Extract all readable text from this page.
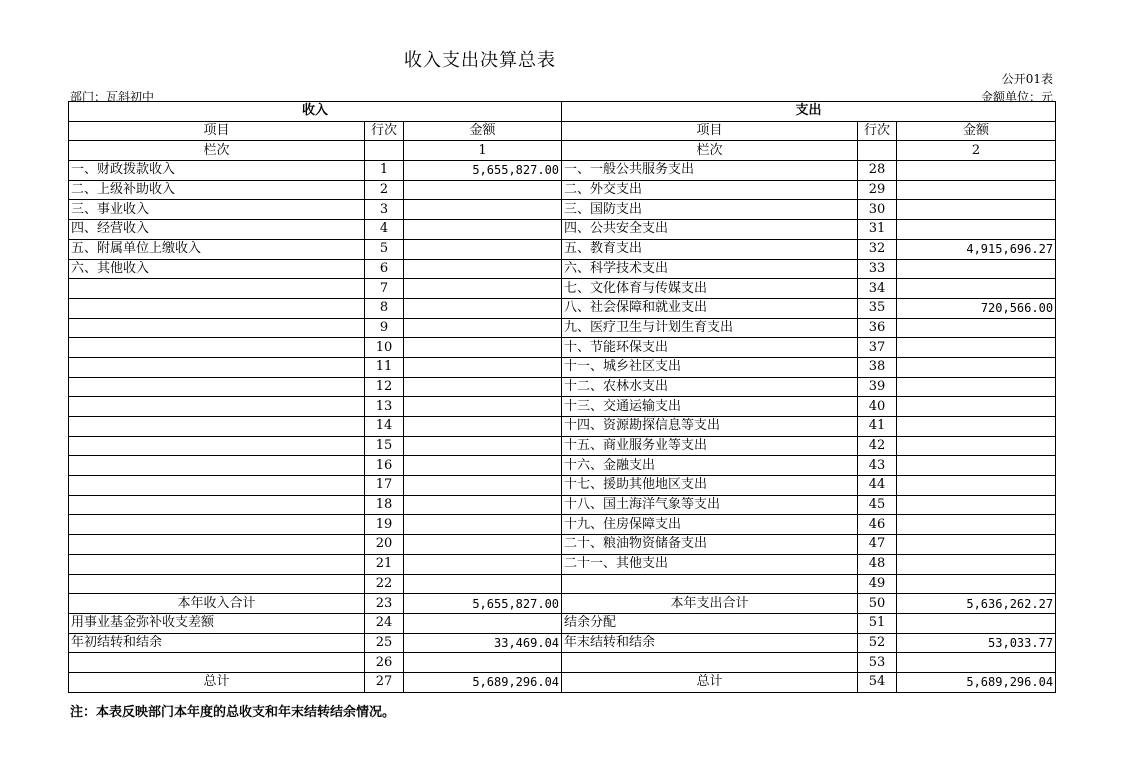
收入支出决算总表
公开01表
部门：瓦斜初中	金额单位：元
收入			支出		
项目	行次	金额	项目	行次	金额
栏次		1	栏次		2
一、财政拨款收入	1	5,655,827.00	一、一般公共服务支出	28	
二、上级补助收入	2		二、外交支出	29	
三、事业收入	3		三、国防支出	30	
四、经营收入	4		四、公共安全支出	31	
五、附属单位上缴收入	5		五、教育支出	32	4,915,696.27
六、其他收入	6		六、科学技术支出	33	
	7		七、文化体育与传媒支出	34	
	8		八、社会保障和就业支出	35	720,566.00
	9		九、医疗卫生与计划生育支出	36	
	10		十、节能环保支出	37	
	11		十一、城乡社区支出	38	
	12		十二、农林水支出	39	
	13		十三、交通运输支出	40	
	14		十四、资源勘探信息等支出	41	
	15		十五、商业服务业等支出	42	
	16		十六、金融支出	43	
	17		十七、援助其他地区支出	44	
	18		十八、国土海洋气象等支出	45	
	19		十九、住房保障支出	46	
	20		二十、粮油物资储备支出	47	
	21		二十一、其他支出	48	
	22			49	
本年收入合计	23	5,655,827.00	本年支出合计	50	5,636,262.27
用事业基金弥补收支差额	24		结余分配	51	
年初结转和结余	25	33,469.04	年末结转和结余	52	53,033.77
	26			53	
总计	27	5,689,296.04	总计	54	5,689,296.04
注：本表反映部门本年度的总收支和年末结转结余情况。
